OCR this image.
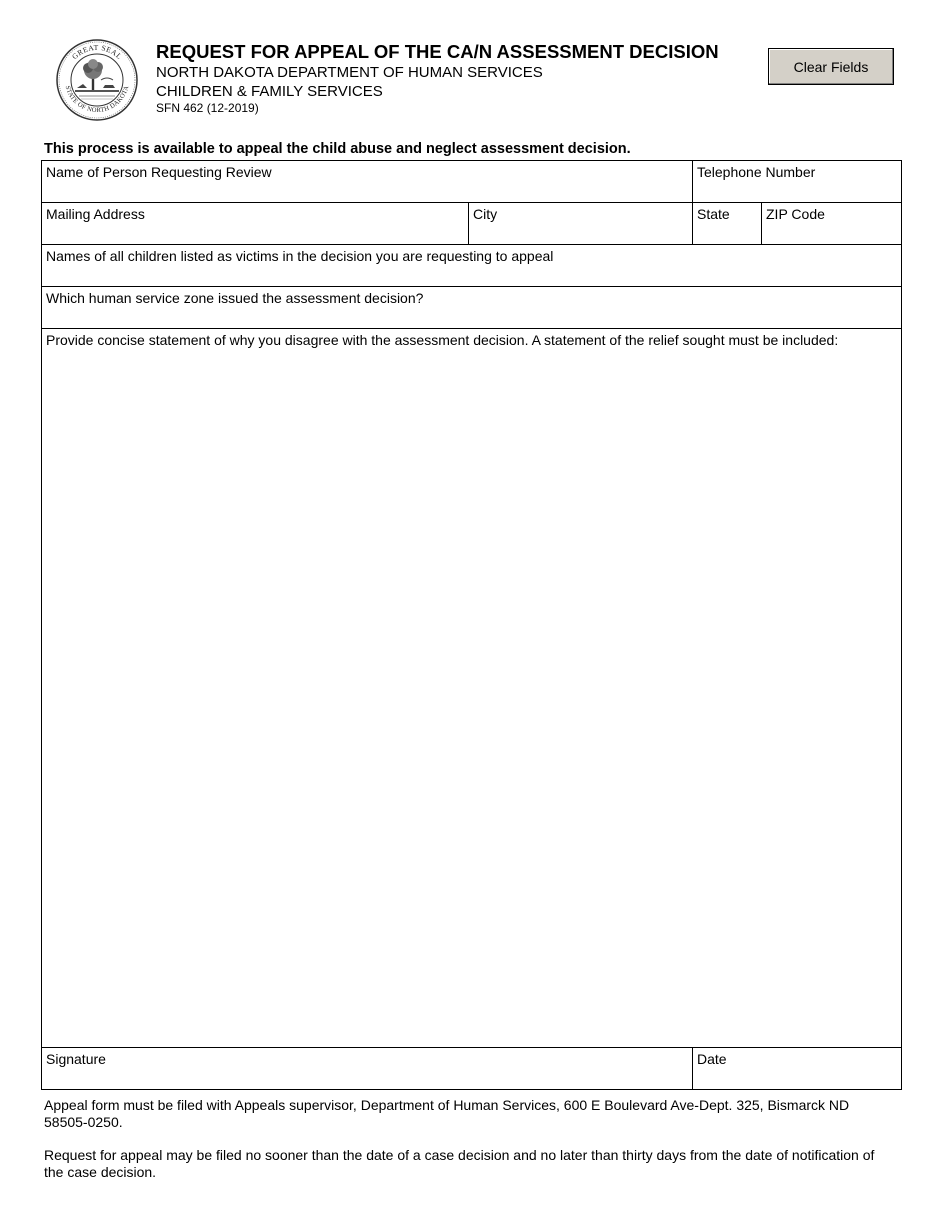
GREAT SEAL
STATE OF NORTH DAKOTA
REQUEST FOR APPEAL OF THE CA/N ASSESSMENT DECISION
NORTH DAKOTA DEPARTMENT OF HUMAN SERVICES
CHILDREN & FAMILY SERVICES
SFN 462 (12-2019)
Clear Fields
This process is available to appeal the child abuse and neglect assessment decision.
Name of Person Requesting Review	Telephone Number
Mailing Address	City	State	ZIP Code
Names of all children listed as victims in the decision you are requesting to appeal
Which human service zone issued the assessment decision?
Provide concise statement of why you disagree with the assessment decision. A statement of the relief sought must be included:
Signature	Date
Appeal form must be filed with Appeals supervisor, Department of Human Services, 600 E Boulevard Ave-Dept. 325, Bismarck ND 58505-0250.
Request for appeal may be filed no sooner than the date of a case decision and no later than thirty days from the date of notification of the case decision.
